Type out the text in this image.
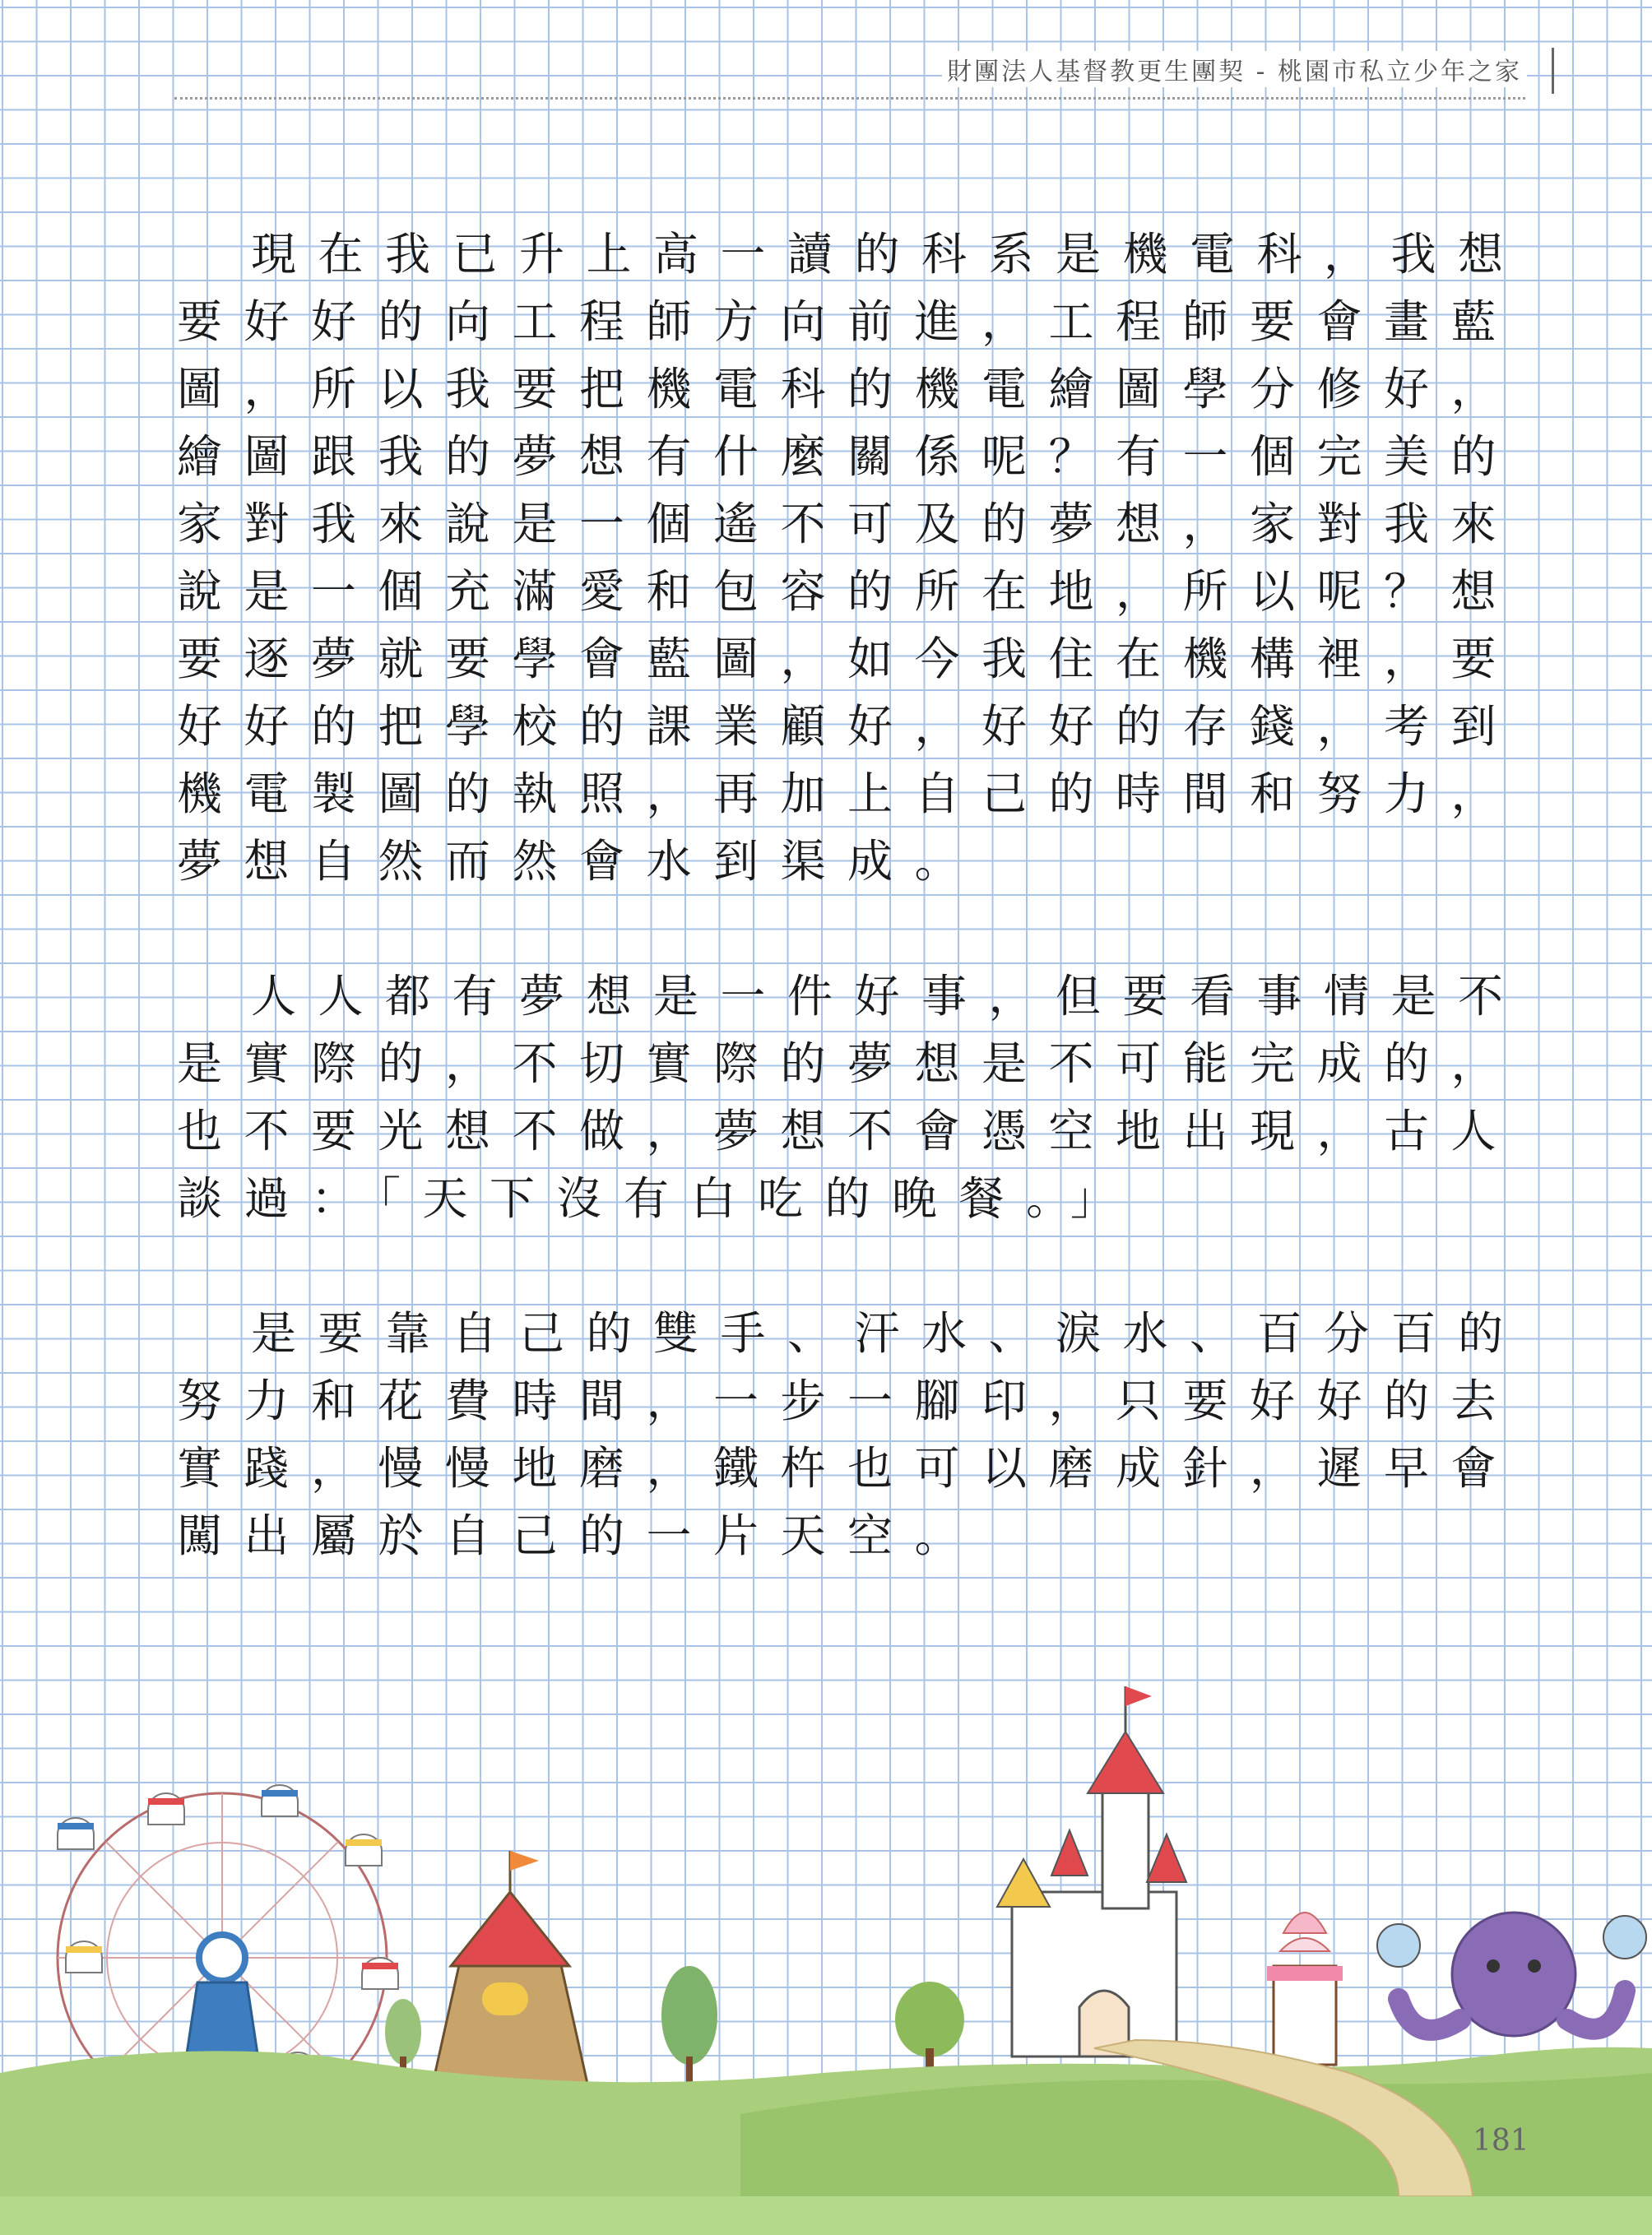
財團法人基督教更生團契 - 桃園市私立少年之家
現在我已升上高一讀的科系是機電科，我想
要好好的向工程師方向前進，工程師要會畫藍
圖，所以我要把機電科的機電繪圖學分修好，
繪圖跟我的夢想有什麼關係呢？有一個完美的
家對我來說是一個遙不可及的夢想，家對我來
說是一個充滿愛和包容的所在地，所以呢？想
要逐夢就要學會藍圖，如今我住在機構裡，要
好好的把學校的課業顧好，好好的存錢，考到
機電製圖的執照，再加上自己的時間和努力，
夢想自然而然會水到渠成。
人人都有夢想是一件好事，但要看事情是不
是實際的，不切實際的夢想是不可能完成的，
也不要光想不做，夢想不會憑空地出現，古人
談過：「天下沒有白吃的晚餐。」
是要靠自己的雙手、汗水、淚水、百分百的
努力和花費時間，一步一腳印，只要好好的去
實踐，慢慢地磨，鐵杵也可以磨成針，遲早會
闖出屬於自己的一片天空。
181
